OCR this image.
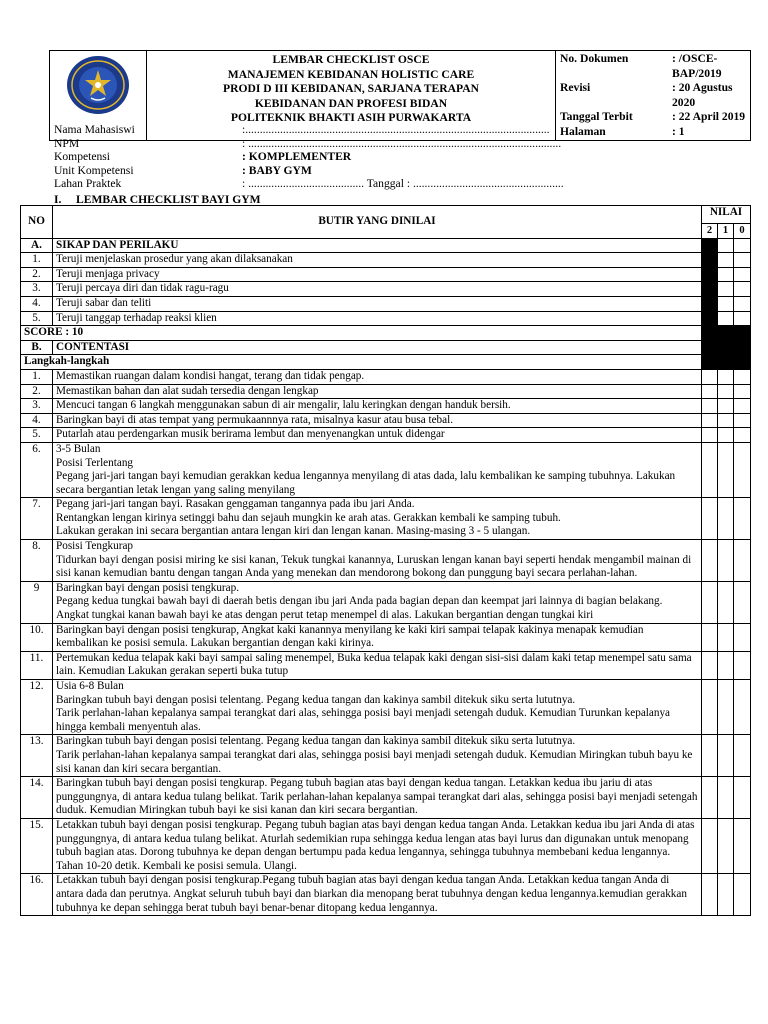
LEMBAR CHECKLIST OSCE
MANAJEMEN KEBIDANAN HOLISTIC CARE
PRODI D III KEBIDANAN, SARJANA TERAPAN
KEBIDANAN DAN PROFESI BIDAN
POLITEKNIK BHAKTI ASIH PURWAKARTA

No. Dokumen	: /OSCE-BAP/2019
Revisi	: 20 Agustus 2020
Tanggal Terbit	: 22 April 2019
Halaman	: 1
Nama Mahasiswi	:.........................................................................................................
NPM	: ............................................................................................................
Kompetensi	: KOMPLEMENTER
Unit Kompetensi	: BABY GYM
Lahan Praktek	: ........................................ Tanggal : ....................................................
I. LEMBAR CHECKLIST BAYI GYM
NO	BUTIR YANG DINILAI	NILAI		
		2	1	0
A.	SIKAP DAN PERILAKU			
1.	Teruji menjelaskan prosedur yang akan dilaksanakan			
2.	Teruji menjaga privacy			
3.	Teruji percaya diri dan tidak ragu-ragu			
4.	Teruji sabar dan teliti			
5.	Teruji tanggap terhadap reaksi klien			
SCORE : 10				
B.	CONTENTASI			
Langkah-langkah				
1.	Memastikan ruangan dalam kondisi hangat, terang dan tidak pengap.			
2.	Memastikan bahan dan alat sudah tersedia dengan lengkap			
3.	Mencuci tangan 6 langkah menggunakan sabun di air mengalir, lalu keringkan dengan handuk bersih.			
4.	Baringkan bayi di atas tempat yang permukaannnya rata, misalnya kasur atau busa tebal.			
5.	Putarlah atau perdengarkan musik berirama lembut dan menyenangkan untuk didengar			
6.	3-5 Bulan
Posisi Terlentang
Pegang jari-jari tangan bayi kemudian gerakkan kedua lengannya menyilang di atas dada, lalu kembalikan ke samping tubuhnya. Lakukan secara bergantian letak lengan yang saling menyilang			
7.	Pegang jari-jari tangan bayi. Rasakan genggaman tangannya pada ibu jari Anda.
Rentangkan lengan kirinya setinggi bahu dan sejauh mungkin ke arah atas. Gerakkan kembali ke samping tubuh.
Lakukan gerakan ini secara bergantian antara lengan kiri dan lengan kanan. Masing-masing 3 - 5 ulangan.			
8.	Posisi Tengkurap
Tidurkan bayi dengan posisi miring ke sisi kanan, Tekuk tungkai kanannya, Luruskan lengan kanan bayi seperti hendak mengambil mainan di sisi kanan kemudian bantu dengan tangan Anda yang menekan dan mendorong bokong dan punggung bayi secara perlahan-lahan.			
9	Baringkan bayi dengan posisi tengkurap.
Pegang kedua tungkai bawah bayi di daerah betis dengan ibu jari Anda pada bagian depan dan keempat jari lainnya di bagian belakang.
Angkat tungkai kanan bawah bayi ke atas dengan perut tetap menempel di alas. Lakukan bergantian dengan tungkai kiri			
10.	Baringkan bayi dengan posisi tengkurap, Angkat kaki kanannya menyilang ke kaki kiri sampai telapak kakinya menapak kemudian kembalikan ke posisi semula. Lakukan bergantian dengan kaki kirinya.			
11.	Pertemukan kedua telapak kaki bayi sampai saling menempel, Buka kedua telapak kaki dengan sisi-sisi dalam kaki tetap menempel satu sama lain. Kemudian Lakukan gerakan seperti buka tutup			
12.	Usia 6-8 Bulan
Baringkan tubuh bayi dengan posisi telentang. Pegang kedua tangan dan kakinya sambil ditekuk siku serta lututnya.
Tarik perlahan-lahan kepalanya sampai terangkat dari alas, sehingga posisi bayi menjadi setengah duduk. Kemudian Turunkan kepalanya hingga kembali menyentuh alas.			
13.	Baringkan tubuh bayi dengan posisi telentang. Pegang kedua tangan dan kakinya sambil ditekuk siku serta lututnya.
Tarik perlahan-lahan kepalanya sampai terangkat dari alas, sehingga posisi bayi menjadi setengah duduk. Kemudian Miringkan tubuh bayu ke sisi kanan dan kiri secara bergantian.			
14.	Baringkan tubuh bayi dengan posisi tengkurap. Pegang tubuh bagian atas bayi dengan kedua tangan. Letakkan kedua ibu jariu di atas punggungnya, di antara kedua tulang belikat. Tarik perlahan-lahan kepalanya sampai terangkat dari alas, sehingga posisi bayi menjadi setengah duduk. Kemudian Miringkan tubuh bayi ke sisi kanan dan kiri secara bergantian.			
15.	Letakkan tubuh bayi dengan posisi tengkurap. Pegang tubuh bagian atas bayi dengan kedua tangan Anda. Letakkan kedua ibu jari Anda di atas punggungnya, di antara kedua tulang belikat. Aturlah sedemikian rupa sehingga kedua lengan atas bayi lurus dan digunakan untuk menopang tubuh bagian atas. Dorong tubuhnya ke depan dengan bertumpu pada kedua lengannya, sehingga tubuhnya membebani kedua lengannya. Tahan 10-20 detik. Kembali ke posisi semula. Ulangi.			
16.	Letakkan tubuh bayi dengan posisi tengkurap.Pegang tubuh bagian atas bayi dengan kedua tangan Anda. Letakkan kedua tangan Anda di antara dada dan perutnya. Angkat seluruh tubuh bayi dan biarkan dia menopang berat tubuhnya dengan kedua lengannya.kemudian gerakkan tubuhnya ke depan sehingga berat tubuh bayi benar-benar ditopang kedua lengannya.			
